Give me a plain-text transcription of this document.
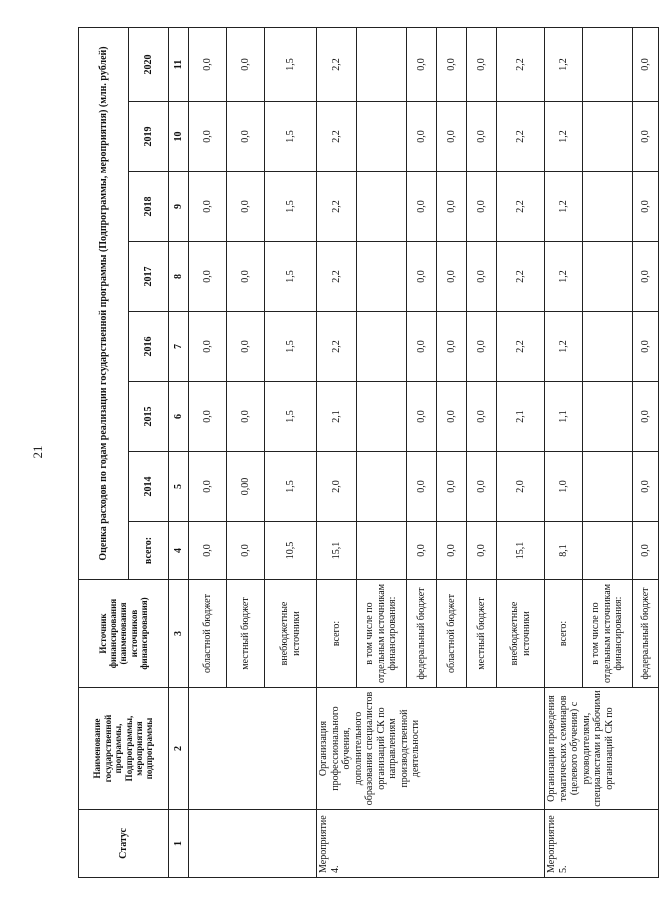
21
Статус	Наименование государственной программы, Подпрограммы, мероприятия подпрограммы	Источник финансирования (наименования источников финансирования)	Оценка расходов по годам реализации государственной программы (Подпрограммы, мероприятия) (млн. рублей)							
			всего:	2014	2015	2016	2017	2018	2019	2020
1	2	3	4	5	6	7	8	9	10	11
		областной бюджет	0,0	0,0	0,0	0,0	0,0	0,0	0,0	0,0
		местный бюджет	0,0	0,00	0,0	0,0	0,0	0,0	0,0	0,0
		внебюджетные источники	10,5	1,5	1,5	1,5	1,5	1,5	1,5	1,5
Мероприятие 4.	Организация профессионального обучения, дополнительного образования специалистов организаций СК по направлениям производственной деятельности	всего:	15,1	2,0	2,1	2,2	2,2	2,2	2,2	2,2
		в том числе по отдельным источникам финансирования:								
		федеральный бюджет	0,0	0,0	0,0	0,0	0,0	0,0	0,0	0,0
		областной бюджет	0,0	0,0	0,0	0,0	0,0	0,0	0,0	0,0
		местный бюджет	0,0	0,0	0,0	0,0	0,0	0,0	0,0	0,0
		внебюджетные источники	15,1	2,0	2,1	2,2	2,2	2,2	2,2	2,2
Мероприятие 5.	Организация проведения тематических семинаров (целевого обучения) с руководителями, специалистами и рабочими организаций СК по	всего:	8,1	1,0	1,1	1,2	1,2	1,2	1,2	1,2
		в том числе по отдельным источникам финансирования:								
		федеральный бюджет	0,0	0,0	0,0	0,0	0,0	0,0	0,0	0,0
